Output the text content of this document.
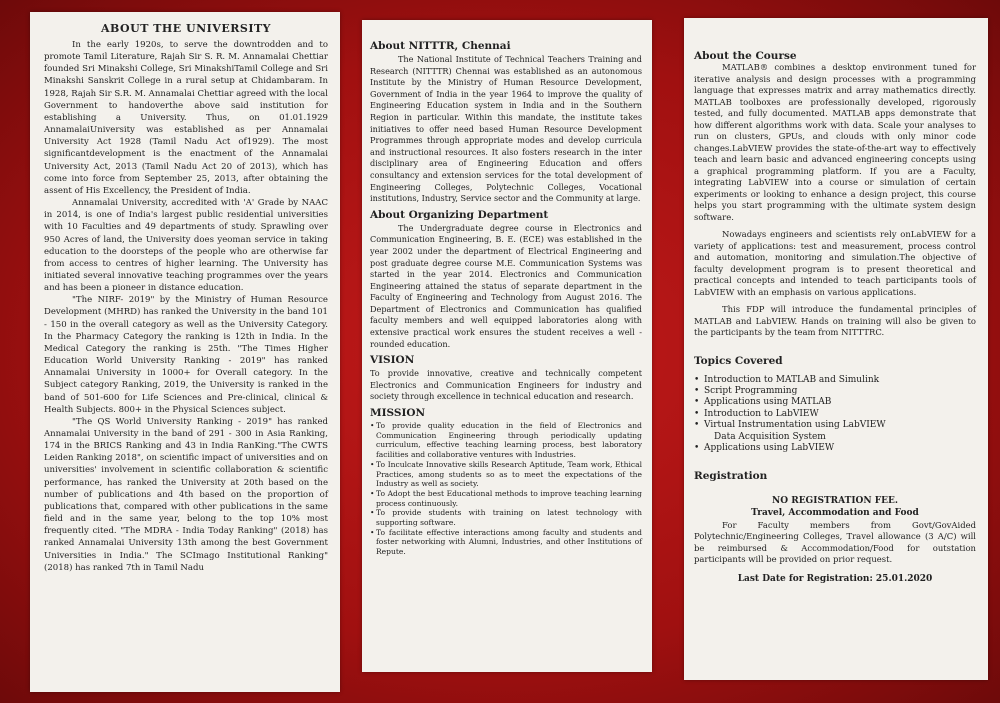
ABOUT THE UNIVERSITY

In the early 1920s, to serve the downtrodden and to promote Tamil Literature, Rajah Sir S. R. M. Annamalai Chettiar founded Sri Minakshi College, Sri MinakshiTamil College and Sri Minakshi Sanskrit College in a rural setup at Chidambaram. In 1928, Rajah Sir S.R. M. Annamalai Chettiar agreed with the local Government to handoverthe above said institution for establishing a University. Thus, on 01.01.1929 AnnamalaiUniversity was established as per Annamalai University Act 1928 (Tamil Nadu Act of1929). The most significantdevelopment is the enactment of the Annamalai University Act, 2013 (Tamil Nadu Act 20 of 2013), which has come into force from September 25, 2013, after obtaining the assent of His Excellency, the President of India.

Annamalai University, accredited with 'A' Grade by NAAC in 2014, is one of India's largest public residential universities with 10 Faculties and 49 departments of study. Sprawling over 950 Acres of land, the University does yeoman service in taking education to the doorsteps of the people who are otherwise far from access to centres of higher learning. The University has initiated several innovative teaching programmes over the years and has been a pioneer in distance education.

"The NIRF- 2019" by the Ministry of Human Resource Development (MHRD) has ranked the University in the band 101 - 150 in the overall category as well as the University Category. In the Pharmacy Category the ranking is 12th in India. In the Medical Category the ranking is 25th. "The Times Higher Education World University Ranking - 2019" has ranked Annamalai University in 1000+ for Overall category. In the Subject category Ranking, 2019, the University is ranked in the band of 501-600 for Life Sciences and Pre-clinical, clinical & Health Subjects. 800+ in the Physical Sciences subject.

"The QS World University Ranking - 2019" has ranked Annamalai University in the band of 291 - 300 in Asia Ranking, 174 in the BRICS Ranking and 43 in India RanKing."The CWTS Leiden Ranking 2018", on scientific impact of universities and on universities' involvement in scientific collaboration & scientific performance, has ranked the University at 20th based on the number of publications and 4th based on the proportion of publications that, compared with other publications in the same field and in the same year, belong to the top 10% most frequently cited. "The MDRA - India Today Ranking" (2018) has ranked Annamalai University 13th among the best Government Universities in India." The SCImago Institutional Ranking" (2018) has ranked 7th in Tamil Nadu

About NITTTR, Chennai

The National Institute of Technical Teachers Training and Research (NITTTR) Chennai was established as an autonomous Institute by the Ministry of Human Resource Development, Government of India in the year 1964 to improve the quality of Engineering Education system in India and in the Southern Region in particular. Within this mandate, the institute takes initiatives to offer need based Human Resource Development Programmes through appropriate modes and develop curricula and instructional resources. It also fosters research in the inter disciplinary area of Engineering Education and offers consultancy and extension services for the total development of Engineering Colleges, Polytechnic Colleges, Vocational institutions, Industry, Service sector and the Community at large.

About Organizing Department

The Undergraduate degree course in Electronics and Communication Engineering, B. E. (ECE) was established in the year 2002 under the department of Electrical Engineering and post graduate degree course M.E. Communication Systems was started in the year 2014. Electronics and Communication Engineering attained the status of separate department in the Faculty of Engineering and Technology from August 2016. The Department of Electronics and Communication has qualified faculty members and well equipped laboratories along with extensive practical work ensures the student receives a well -rounded education.

VISION

To provide innovative, creative and technically competent Electronics and Communication Engineers for industry and society through excellence in technical education and research.

MISSION
• To provide quality education in the field of Electronics and Communication Engineering through periodically updating curriculum, effective teaching learning process, best laboratory facilities and collaborative ventures with Industries.
• To Inculcate Innovative skills Research Aptitude, Team work, Ethical Practices, among students so as to meet the expectations of the Industry as well as society.
• To Adopt the best Educational methods to improve teaching learning process continuously.
• To provide students with training on latest technology with supporting software.
• To facilitate effective interactions among faculty and students and foster networking with Alumni, Industries, and other Institutions of Repute.
About the Course

MATLAB® combines a desktop environment tuned for iterative analysis and design processes with a programming language that expresses matrix and array mathematics directly. MATLAB toolboxes are professionally developed, rigorously tested, and fully documented. MATLAB apps demonstrate that how different algorithms work with data. Scale your analyses to run on clusters, GPUs, and clouds with only minor code changes.LabVIEW provides the state-of-the-art way to effectively teach and learn basic and advanced engineering concepts using a graphical programming platform. If you are a Faculty, integrating LabVIEW into a course or simulation of certain experiments or looking to enhance a design project, this course helps you start programming with the ultimate system design software.

Nowadays engineers and scientists rely onLabVIEW for a variety of applications: test and measurement, process control and automation, monitoring and simulation.The objective of faculty development program is to present theoretical and practical concepts and intended to teach participants tools of LabVIEW with an emphasis on various applications.

This FDP will introduce the fundamental principles of MATLAB and LabVIEW. Hands on training will also be given to the participants by the team from NITTTRC.

Topics Covered
• Introduction to MATLAB and Simulink
• Script Programming
• Applications using MATLAB
• Introduction to LabVIEW
• Virtual Instrumentation using LabVIEW
Data Acquisition System
• Applications using LabVIEW
Registration
NO REGISTRATION FEE.
Travel, Accommodation and Food

For Faculty members from Govt/GovAided Polytechnic/Engineering Colleges, Travel allowance (3 A/C) will be reimbursed & Accommodation/Food for outstation participants will be provided on prior request.

Last Date for Registration: 25.01.2020
